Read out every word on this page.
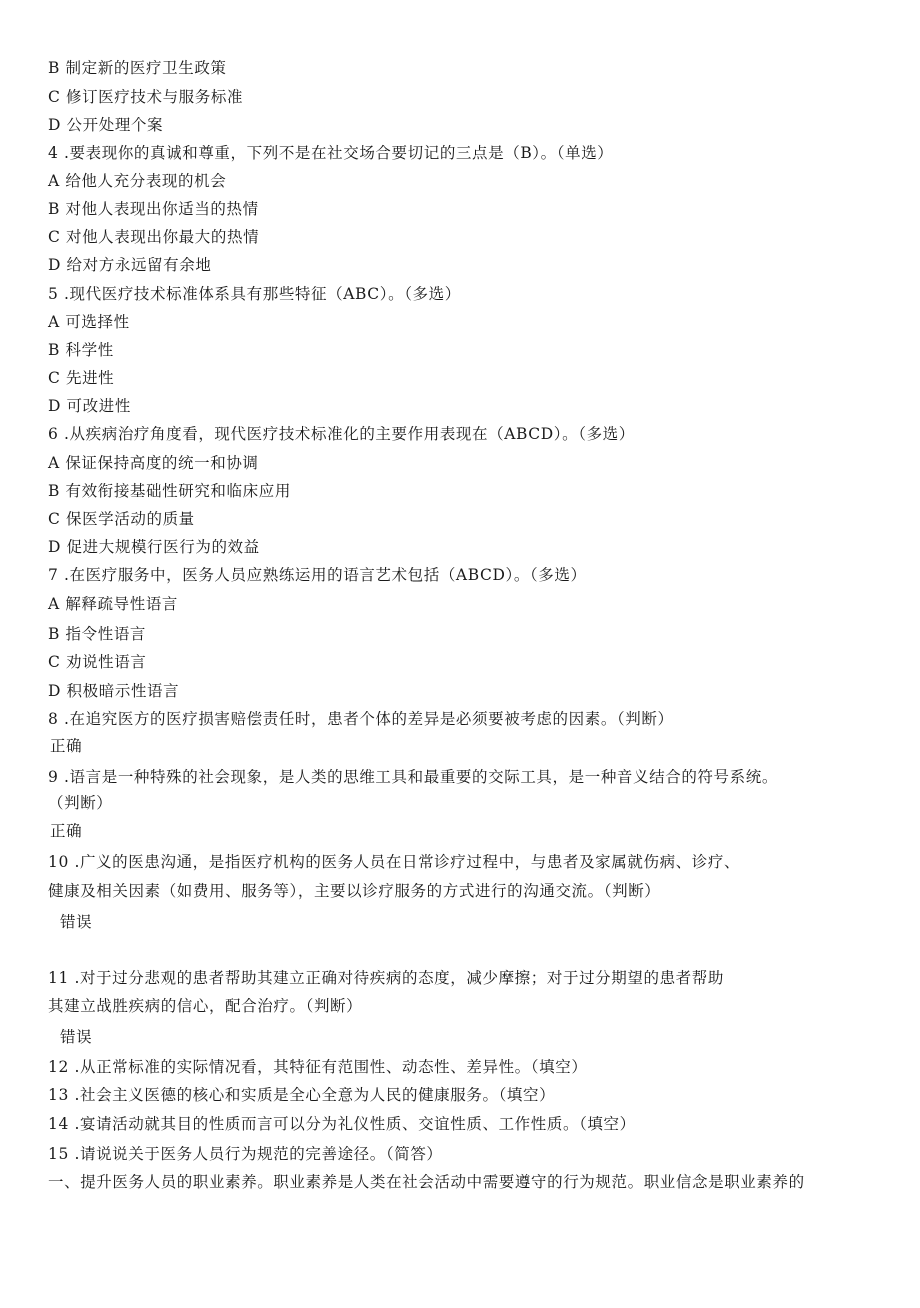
B 制定新的医疗卫生政策
C 修订医疗技术与服务标准
D 公开处理个案
4 .要表现你的真诚和尊重，下列不是在社交场合要切记的三点是（B）。（单选）
A 给他人充分表现的机会
B 对他人表现出你适当的热情
C 对他人表现出你最大的热情
D 给对方永远留有余地
5 .现代医疗技术标准体系具有那些特征（ABC）。（多选）
A 可选择性
B 科学性
C 先进性
D 可改进性
6 .从疾病治疗角度看，现代医疗技术标准化的主要作用表现在（ABCD）。（多选）
A 保证保持高度的统一和协调
B 有效衔接基础性研究和临床应用
C 保医学活动的质量
D 促进大规模行医行为的效益
7 .在医疗服务中，医务人员应熟练运用的语言艺术包括（ABCD）。（多选）
A 解释疏导性语言
B 指令性语言
C 劝说性语言
D 积极暗示性语言
8 .在追究医方的医疗损害赔偿责任时，患者个体的差异是必须要被考虑的因素。（判断）
正确
9 .语言是一种特殊的社会现象，是人类的思维工具和最重要的交际工具，是一种音义结合的符号系统。
（判断）
正确
10 .广义的医患沟通，是指医疗机构的医务人员在日常诊疗过程中，与患者及家属就伤病、诊疗、
健康及相关因素（如费用、服务等），主要以诊疗服务的方式进行的沟通交流。（判断）
错误
11 .对于过分悲观的患者帮助其建立正确对待疾病的态度，减少摩擦；对于过分期望的患者帮助
其建立战胜疾病的信心，配合治疗。（判断）
错误
12 .从正常标准的实际情况看，其特征有范围性、动态性、差异性。（填空）
13 .社会主义医德的核心和实质是全心全意为人民的健康服务。（填空）
14 .宴请活动就其目的性质而言可以分为礼仪性质、交谊性质、工作性质。（填空）
15 .请说说关于医务人员行为规范的完善途径。（简答）
一、提升医务人员的职业素养。职业素养是人类在社会活动中需要遵守的行为规范。职业信念是职业素养的
